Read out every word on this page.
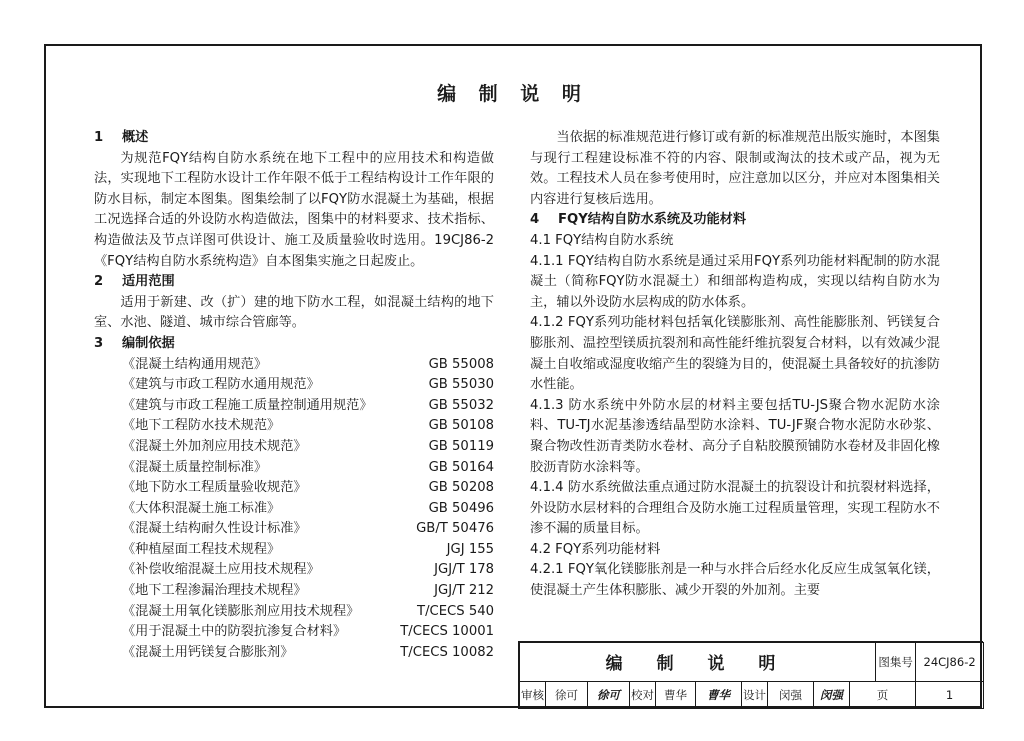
编 制 说 明
1 概述

为规范FQY结构自防水系统在地下工程中的应用技术和构造做法，实现地下工程防水设计工作年限不低于工程结构设计工作年限的防水目标，制定本图集。图集绘制了以FQY防水混凝土为基础，根据工况选择合适的外设防水构造做法，图集中的材料要求、技术指标、构造做法及节点详图可供设计、施工及质量验收时选用。19CJ86-2《FQY结构自防水系统构造》自本图集实施之日起废止。

2 适用范围

适用于新建、改（扩）建的地下防水工程，如混凝土结构的地下室、水池、隧道、城市综合管廊等。

3 编制依据
《混凝土结构通用规范》	GB 55008
《建筑与市政工程防水通用规范》	GB 55030
《建筑与市政工程施工质量控制通用规范》	GB 55032
《地下工程防水技术规范》	GB 50108
《混凝土外加剂应用技术规范》	GB 50119
《混凝土质量控制标准》	GB 50164
《地下防水工程质量验收规范》	GB 50208
《大体积混凝土施工标准》	GB 50496
《混凝土结构耐久性设计标准》	GB/T 50476
《种植屋面工程技术规程》	JGJ 155
《补偿收缩混凝土应用技术规程》	JGJ/T 178
《地下工程渗漏治理技术规程》	JGJ/T 212
《混凝土用氧化镁膨胀剂应用技术规程》	T/CECS 540
《用于混凝土中的防裂抗渗复合材料》	T/CECS 10001
《混凝土用钙镁复合膨胀剂》	T/CECS 10082

当依据的标准规范进行修订或有新的标准规范出版实施时，本图集与现行工程建设标准不符的内容、限制或淘汰的技术或产品，视为无效。工程技术人员在参考使用时，应注意加以区分，并应对本图集相关内容进行复核后选用。

4 FQY结构自防水系统及功能材料
4.1 FQY结构自防水系统

4.1.1 FQY结构自防水系统是通过采用FQY系列功能材料配制的防水混凝土（简称FQY防水混凝土）和细部构造构成，实现以结构自防水为主，辅以外设防水层构成的防水体系。

4.1.2 FQY系列功能材料包括氧化镁膨胀剂、高性能膨胀剂、钙镁复合膨胀剂、温控型镁质抗裂剂和高性能纤维抗裂复合材料，以有效减少混凝土自收缩或湿度收缩产生的裂缝为目的，使混凝土具备较好的抗渗防水性能。

4.1.3 防水系统中外防水层的材料主要包括TU-JS聚合物水泥防水涂料、TU-TJ水泥基渗透结晶型防水涂料、TU-JF聚合物水泥防水砂浆、聚合物改性沥青类防水卷材、高分子自粘胶膜预铺防水卷材及非固化橡胶沥青防水涂料等。

4.1.4 防水系统做法重点通过防水混凝土的抗裂设计和抗裂材料选择，外设防水层材料的合理组合及防水施工过程质量管理，实现工程防水不渗不漏的质量目标。

4.2 FQY系列功能材料

4.2.1 FQY氧化镁膨胀剂是一种与水拌合后经水化反应生成氢氧化镁，使混凝土产生体积膨胀、减少开裂的外加剂。主要

编 制 说 明										图集号	24CJ86-2
审核	徐可	徐可	校对	曹华	曹华	设计	闵强	闵强	页		1
